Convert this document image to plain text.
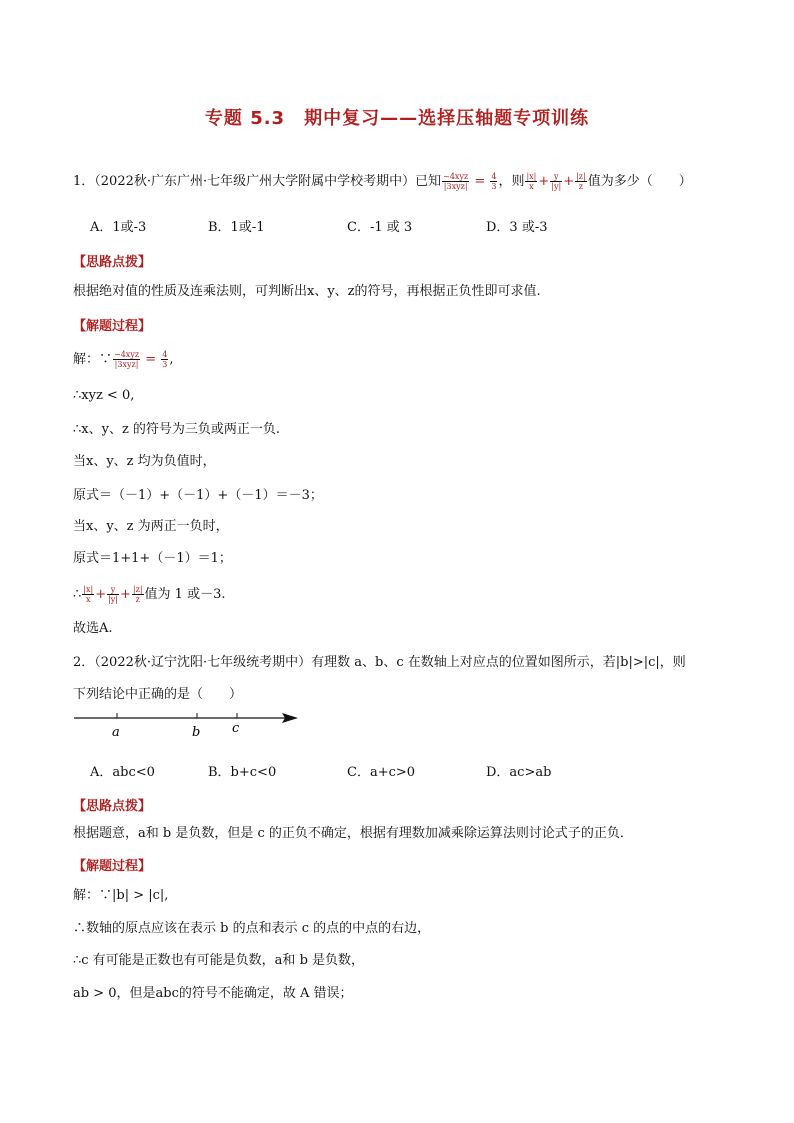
专题 5.3　期中复习——选择压轴题专项训练
1．（2022秋·广东广州·七年级广州大学附属中学校考期中）已知 $\frac{\text{−4xyz}}{\text{|3xyz|}} = \frac{4}{3}$ ，则 $\frac{|x|}{x} + \frac{y}{|y|} + \frac{|z|}{z}$ 值为多少（　　）
A．1或-3	B．1或-1	C．-1 或 3	D．3 或-3
【思路点拨】
根据绝对值的性质及连乘法则，可判断出x、y、z的符号，再根据正负性即可求值.
【解题过程】
解：∵ $\frac{\text{−4xyz}}{\text{|3xyz|}} = \frac{4}{3}$ ,
∴xyz < 0,
∴x、y、z 的符号为三负或两正一负.
当x、y、z 均为负值时，
原式＝（－1）+（－1）+（－1）＝－3；
当x、y、z 为两正一负时，
原式＝1+1+（－1）＝1；
∴ $\frac{|x|}{x} + \frac{y}{|y|} + \frac{|z|}{z}$ 值为 1 或－3.
故选A.
2．（2022秋·辽宁沈阳·七年级统考期中）有理数 a、b、c 在数轴上对应点的位置如图所示，若|b|>|c|，则
下列结论中正确的是（　　）
a	b c
A．abc<0	B．b+c<0	C．a+c>0	D．ac>ab
【思路点拨】
根据题意，a和 b 是负数，但是 c 的正负不确定，根据有理数加减乘除运算法则讨论式子的正负．
【解题过程】
解：∵|b| > |c|,
∴数轴的原点应该在表示 b 的点和表示 c 的点的中点的右边，
∴c 有可能是正数也有可能是负数，a和 b 是负数，
ab > 0，但是abc的符号不能确定，故 A 错误；
